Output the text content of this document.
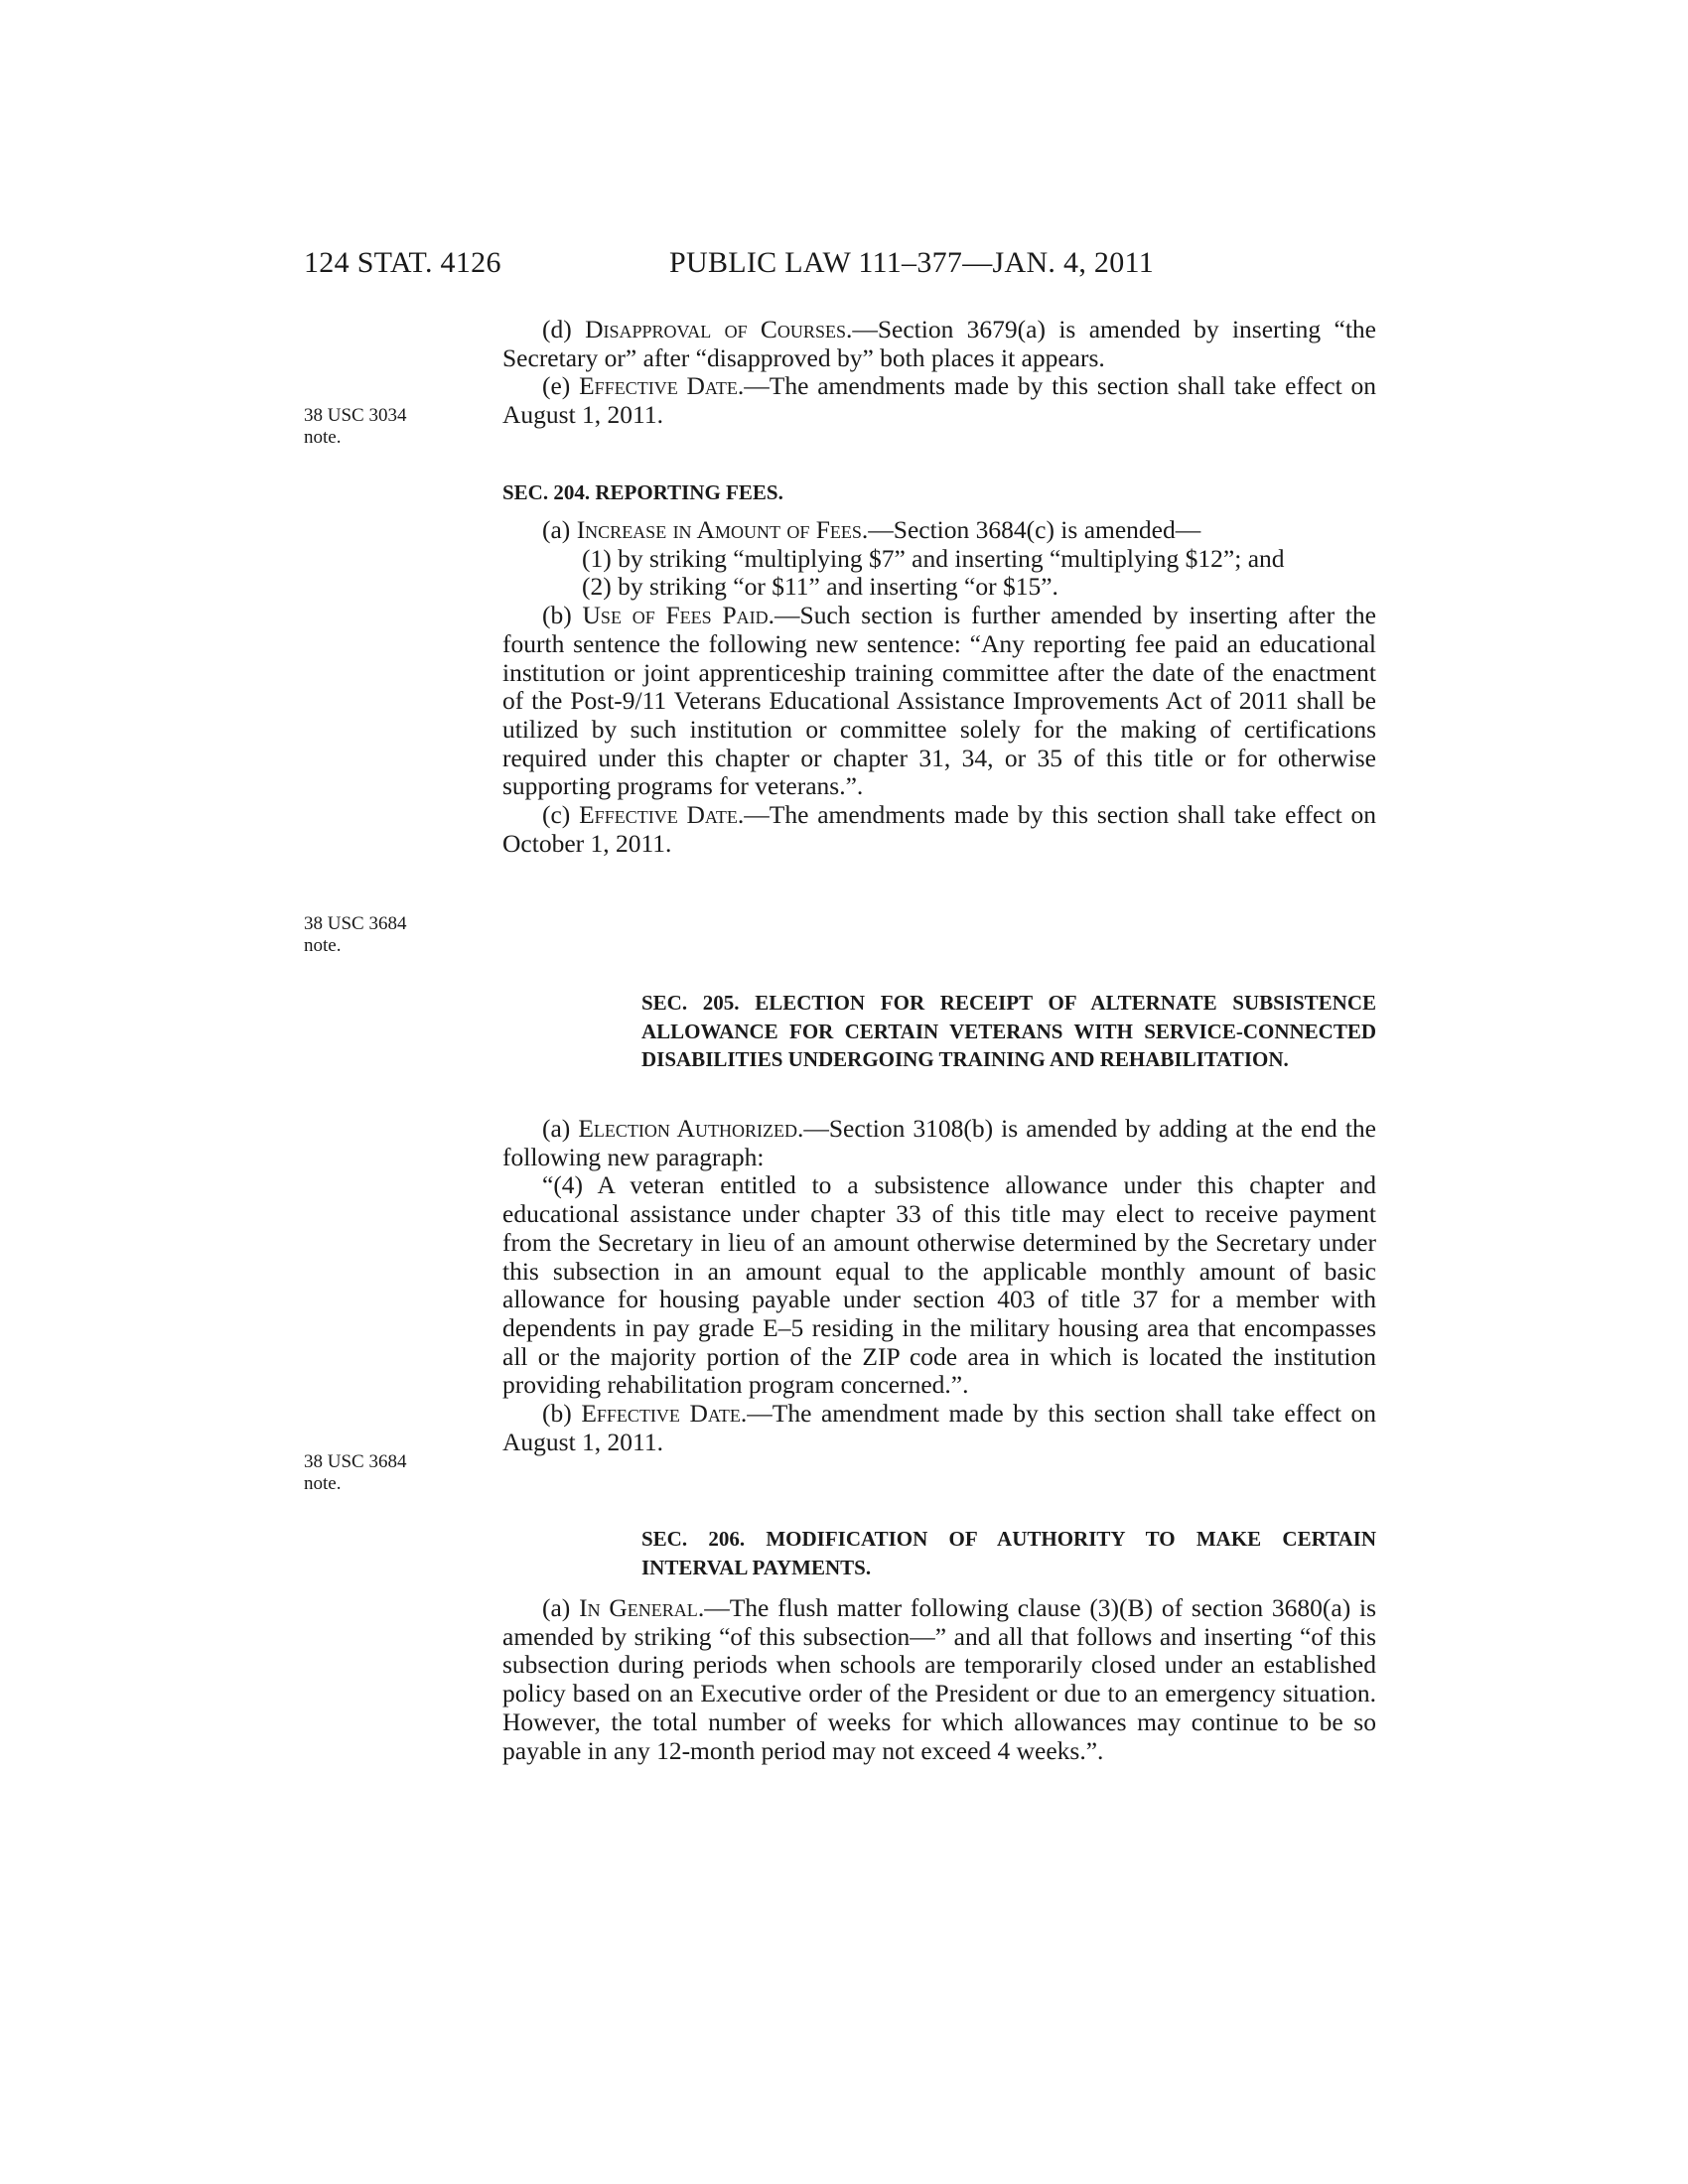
124 STAT. 4126	PUBLIC LAW 111–377—JAN. 4, 2011
38 USC 3034
note.
38 USC 3684
note.
38 USC 3684
note.

(d) Disapproval of Courses.—Section 3679(a) is amended by inserting “the Secretary or” after “disapproved by” both places it appears.

(e) Effective Date.—The amendments made by this section shall take effect on August 1, 2011.

SEC. 204. REPORTING FEES.

(a) Increase in Amount of Fees.—Section 3684(c) is amended—

(1) by striking “multiplying $7” and inserting “multiplying $12”; and

(2) by striking “or $11” and inserting “or $15”.

(b) Use of Fees Paid.—Such section is further amended by inserting after the fourth sentence the following new sentence: “Any reporting fee paid an educational institution or joint apprenticeship training committee after the date of the enactment of the Post-9/11 Veterans Educational Assistance Improvements Act of 2011 shall be utilized by such institution or committee solely for the making of certifications required under this chapter or chapter 31, 34, or 35 of this title or for otherwise supporting programs for veterans.”.

(c) Effective Date.—The amendments made by this section shall take effect on October 1, 2011.

SEC. 205. ELECTION FOR RECEIPT OF ALTERNATE SUBSISTENCE ALLOWANCE FOR CERTAIN VETERANS WITH SERVICE-CONNECTED DISABILITIES UNDERGOING TRAINING AND REHABILITATION.

(a) Election Authorized.—Section 3108(b) is amended by adding at the end the following new paragraph:

“(4) A veteran entitled to a subsistence allowance under this chapter and educational assistance under chapter 33 of this title may elect to receive payment from the Secretary in lieu of an amount otherwise determined by the Secretary under this subsection in an amount equal to the applicable monthly amount of basic allowance for housing payable under section 403 of title 37 for a member with dependents in pay grade E–5 residing in the military housing area that encompasses all or the majority portion of the ZIP code area in which is located the institution providing rehabilitation program concerned.”.

(b) Effective Date.—The amendment made by this section shall take effect on August 1, 2011.

SEC. 206. MODIFICATION OF AUTHORITY TO MAKE CERTAIN INTERVAL PAYMENTS.

(a) In General.—The flush matter following clause (3)(B) of section 3680(a) is amended by striking “of this subsection—” and all that follows and inserting “of this subsection during periods when schools are temporarily closed under an established policy based on an Executive order of the President or due to an emergency situation. However, the total number of weeks for which allowances may continue to be so payable in any 12-month period may not exceed 4 weeks.”.
